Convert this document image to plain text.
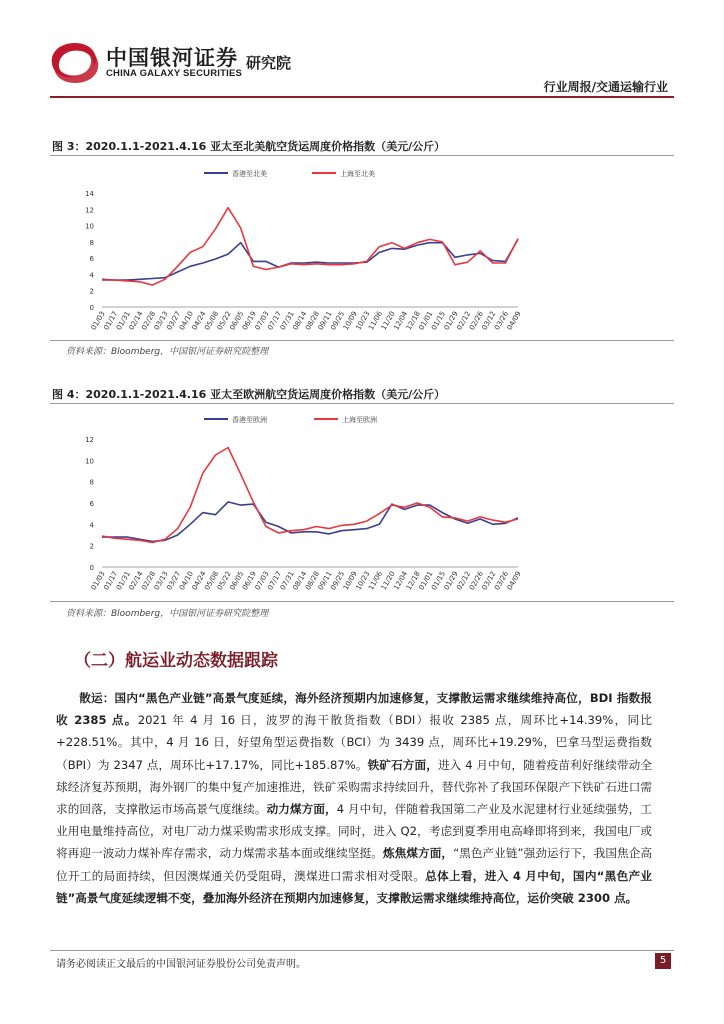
中国银河证券
CHINA GALAXY SECURITIES
研究院
行业周报/交通运输行业
图 3：2020.1.1-2021.4.16 亚太至北美航空货运周度价格指数（美元/公斤）
0
2
4
6
8
10
12
14
01/03
01/17
01/31
02/14
02/28
03/13
03/27
04/10
04/24
05/08
05/22
06/05
06/19
07/03
07/17
07/31
08/14
08/28
09/11
09/25
10/09
10/23
11/06
11/20
12/04
12/18
01/01
01/15
01/29
02/12
02/26
03/12
03/26
04/09
香港至北美	上海至北美
资料来源：Bloomberg，中国银河证券研究院整理
图 4：2020.1.1-2021.4.16 亚太至欧洲航空货运周度价格指数（美元/公斤）
0
2
4
6
8
10
12
01/03
01/17
01/31
02/14
02/28
03/13
03/27
04/10
04/24
05/08
05/22
06/05
06/19
07/03
07/17
07/31
08/14
08/28
09/11
09/25
10/09
10/23
11/06
11/20
12/04
12/18
01/01
01/15
01/29
02/12
02/26
03/12
03/26
04/09
香港至欧洲	上海至欧洲
资料来源：Bloomberg，中国银河证券研究院整理
（二）航运业动态数据跟踪
散运：国内“黑色产业链”高景气度延续，海外经济预期内加速修复，支撑散运需求继续维持高位，BDI 指数报收 2385 点。2021 年 4 月 16 日，波罗的海干散货指数（BDI）报收 2385 点，周环比+14.39%，同比+228.51%。其中，4 月 16 日，好望角型运费指数（BCI）为 3439 点，周环比+19.29%，巴拿马型运费指数（BPI）为 2347 点，周环比+17.17%，同比+185.87%。铁矿石方面，进入 4 月中旬，随着疫苗利好继续带动全球经济复苏预期，海外钢厂的集中复产加速推进，铁矿采购需求持续回升，替代弥补了我国环保限产下铁矿石进口需求的回落，支撑散运市场高景气度继续。动力煤方面，4 月中旬，伴随着我国第二产业及水泥建材行业延续强势，工业用电量维持高位，对电厂动力煤采购需求形成支撑。同时，进入 Q2，考虑到夏季用电高峰即将到来，我国电厂或将再迎一波动力煤补库存需求，动力煤需求基本面或继续坚挺。炼焦煤方面，“黑色产业链”强劲运行下，我国焦企高位开工的局面持续，但因澳煤通关仍受阻碍，澳煤进口需求相对受限。总体上看，进入 4 月中旬，国内“黑色产业链”高景气度延续逻辑不变，叠加海外经济在预期内加速修复，支撑散运需求继续维持高位，运价突破 2300 点。
请务必阅读正文最后的中国银河证券股份公司免责声明。	5
